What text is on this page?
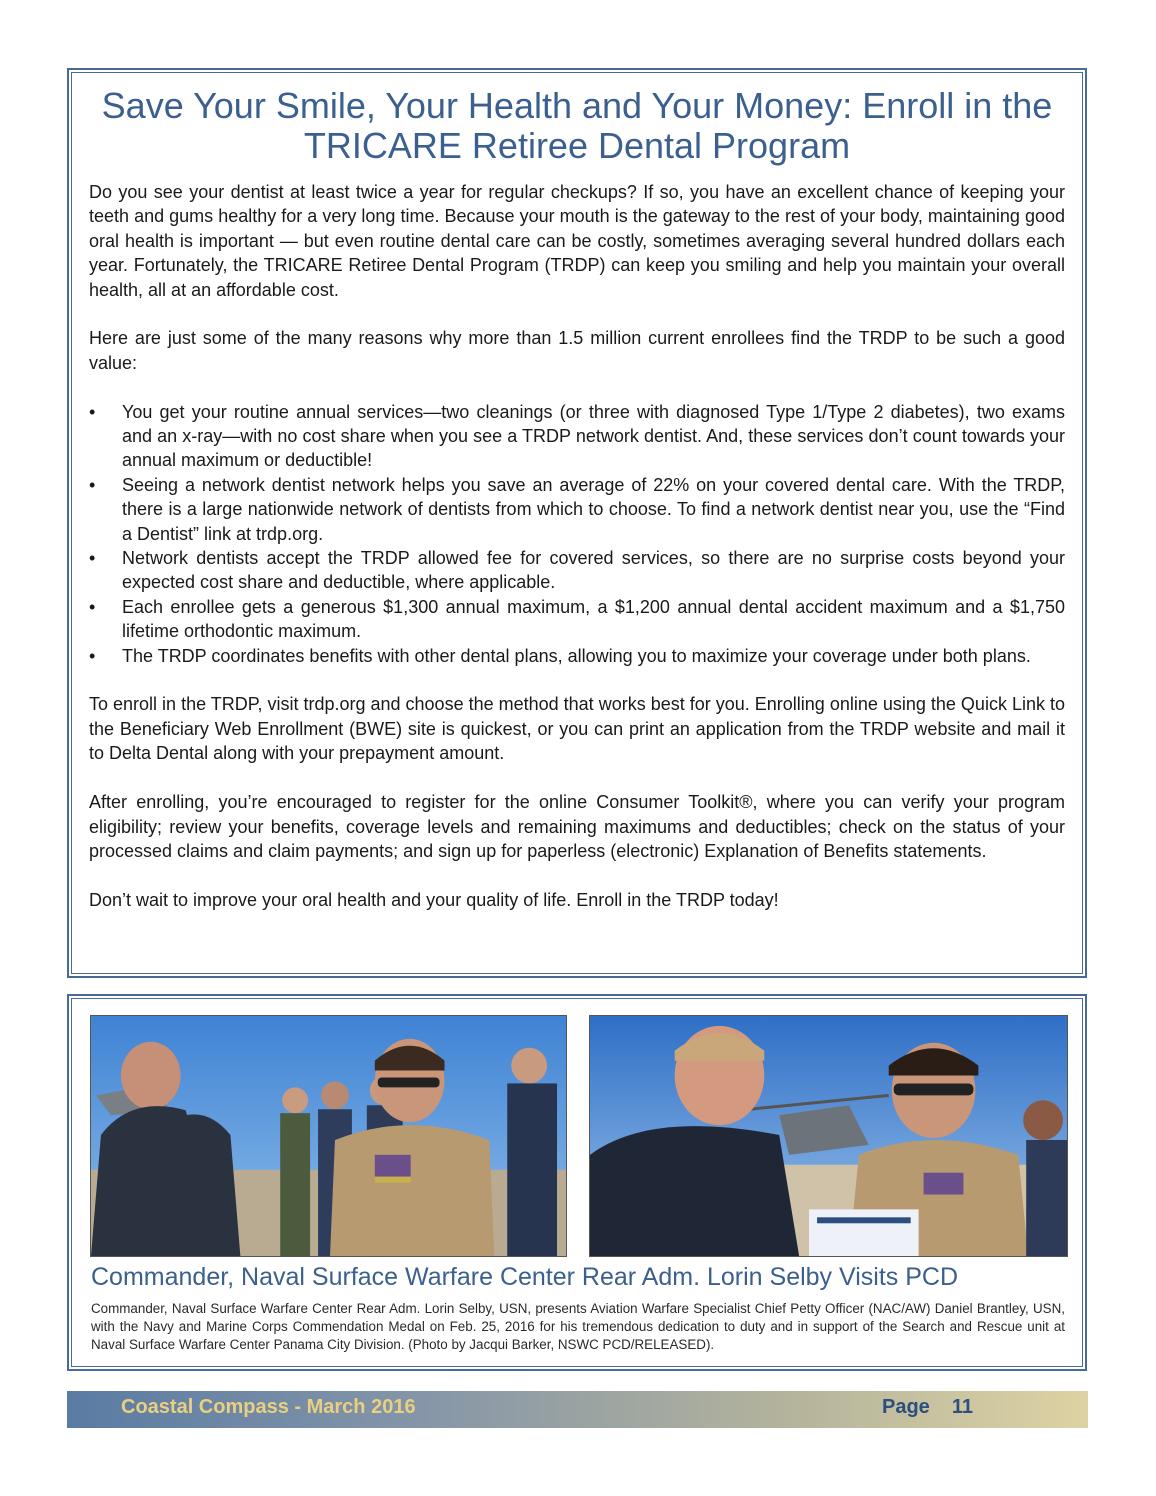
Save Your Smile, Your Health and Your Money: Enroll in the TRICARE Retiree Dental Program

Do you see your dentist at least twice a year for regular checkups? If so, you have an excellent chance of keeping your teeth and gums healthy for a very long time. Because your mouth is the gateway to the rest of your body, maintaining good oral health is important — but even routine dental care can be costly, sometimes averaging several hundred dollars each year. Fortunately, the TRICARE Retiree Dental Program (TRDP) can keep you smiling and help you maintain your overall health, all at an affordable cost.

Here are just some of the many reasons why more than 1.5 million current enrollees find the TRDP to be such a good value:

• You get your routine annual services—two cleanings (or three with diagnosed Type 1/Type 2 diabetes), two exams and an x-ray—with no cost share when you see a TRDP network dentist. And, these services don’t count towards your annual maximum or deductible!
• Seeing a network dentist network helps you save an average of 22% on your covered dental care. With the TRDP, there is a large nationwide network of dentists from which to choose. To find a network dentist near you, use the “Find a Dentist” link at trdp.org.
• Network dentists accept the TRDP allowed fee for covered services, so there are no surprise costs beyond your expected cost share and deductible, where applicable.
• Each enrollee gets a generous $1,300 annual maximum, a $1,200 annual dental accident maximum and a $1,750 lifetime orthodontic maximum.
• The TRDP coordinates benefits with other dental plans, allowing you to maximize your coverage under both plans.

To enroll in the TRDP, visit trdp.org and choose the method that works best for you. Enrolling online using the Quick Link to the Beneficiary Web Enrollment (BWE) site is quickest, or you can print an application from the TRDP website and mail it to Delta Dental along with your prepayment amount.

After enrolling, you’re encouraged to register for the online Consumer Toolkit®, where you can verify your program eligibility; review your benefits, coverage levels and remaining maximums and deductibles; check on the status of your processed claims and claim payments; and sign up for paperless (electronic) Explanation of Benefits statements.

Don’t wait to improve your oral health and your quality of life. Enroll in the TRDP today!

Commander, Naval Surface Warfare Center Rear Adm. Lorin Selby Visits PCD
Commander, Naval Surface Warfare Center Rear Adm. Lorin Selby, USN, presents Aviation Warfare Specialist Chief Petty Officer (NAC/AW) Daniel Brantley, USN, with the Navy and Marine Corps Commendation Medal on Feb. 25, 2016 for his tremendous dedication to duty and in support of the Search and Rescue unit at Naval Surface Warfare Center Panama City Division. (Photo by Jacqui Barker, NSWC PCD/RELEASED).
Coastal Compass - March 2016	Page 11
